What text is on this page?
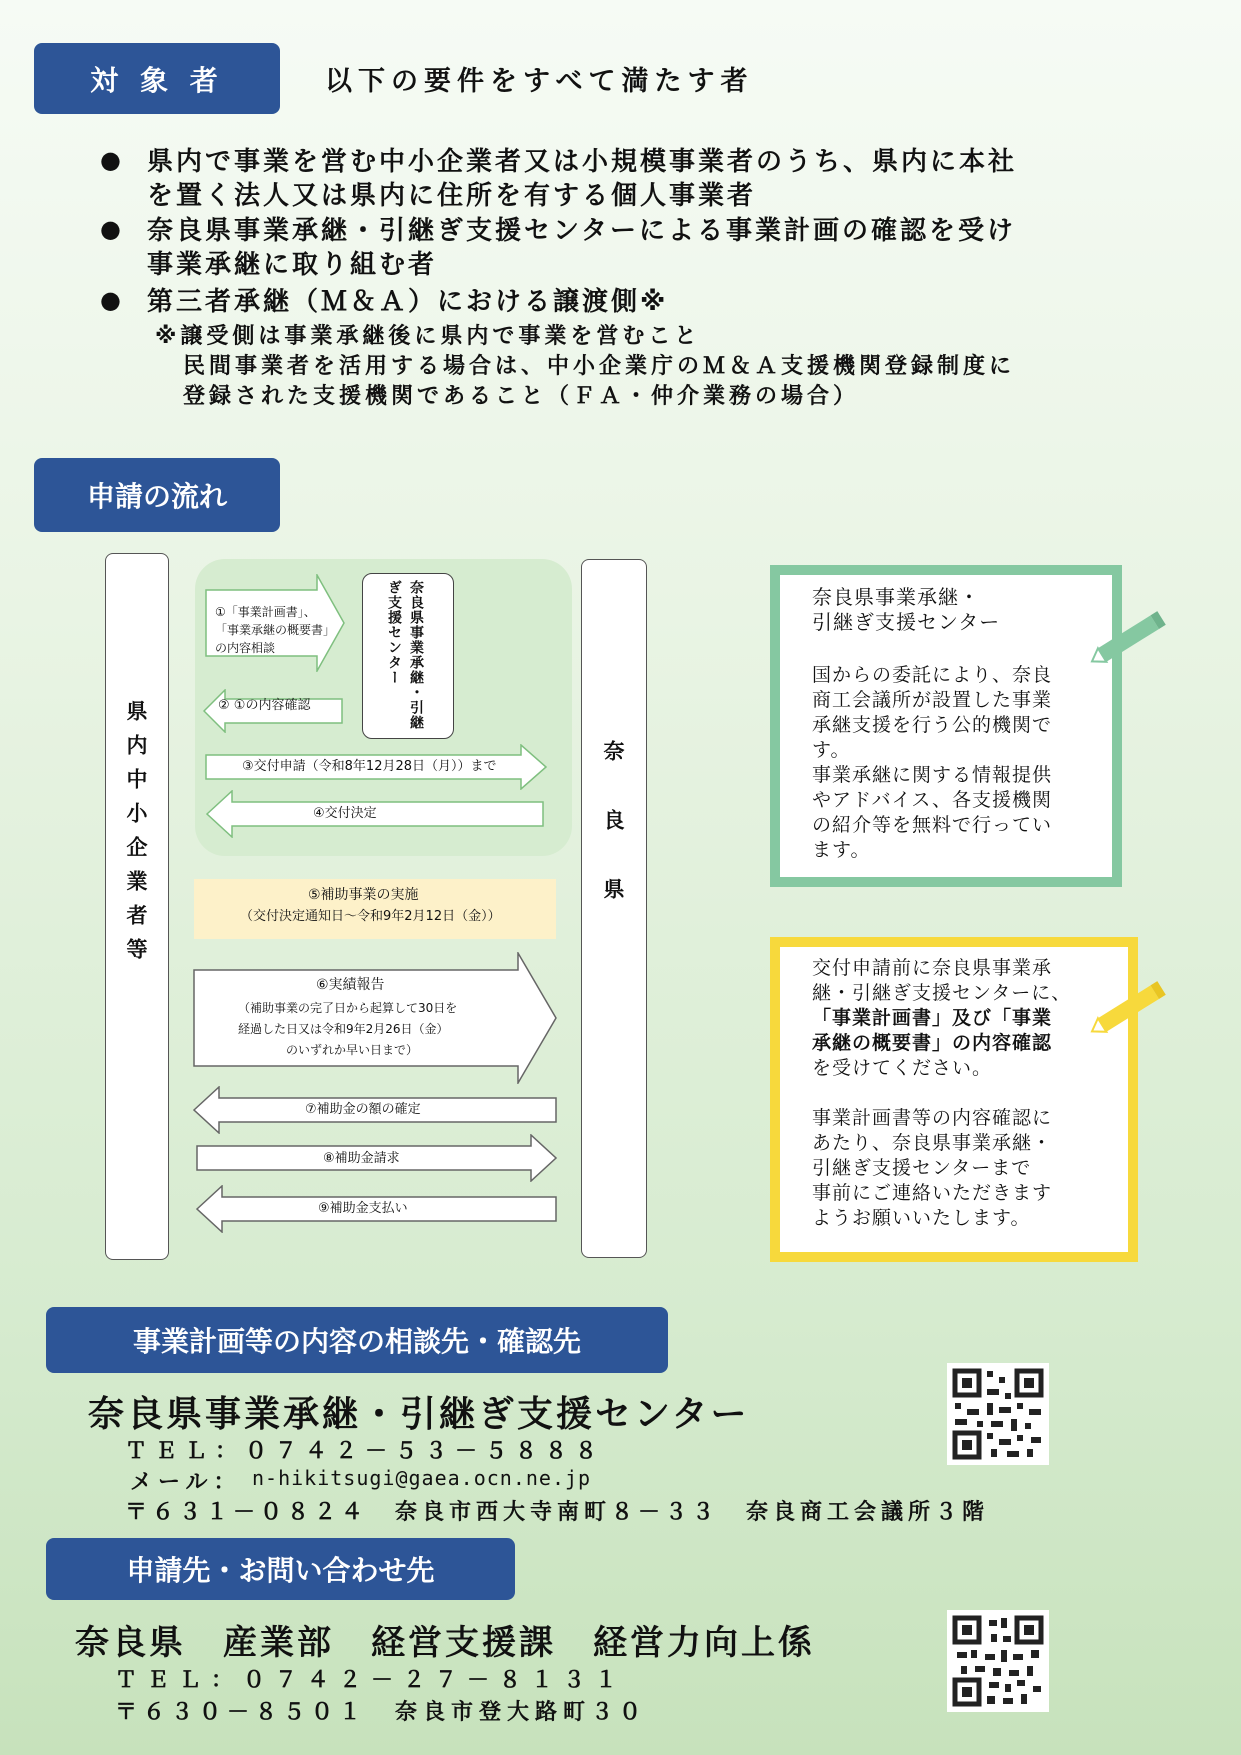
対 象 者	以下の要件をすべて満たす者
● 県内で事業を営む中小企業者又は小規模事業者のうち、県内に本社
を置く法人又は県内に住所を有する個人事業者
● 奈良県事業承継・引継ぎ支援センターによる事業計画の確認を受け
事業承継に取り組む者
● 第三者承継（Ｍ＆Ａ）における譲渡側※
※譲受側は事業承継後に県内で事業を営むこと
民間事業者を活用する場合は、中小企業庁のＭ＆Ａ支援機関登録制度に
登録された支援機関であること（ＦＡ・仲介業務の場合）
申請の流れ
県内中小企業者等	奈良県
奈良県事業承継・引継ぎ支援センター
①「事業計画書」、
「事業承継の概要書」
の内容相談
② ①の内容確認
③交付申請（令和8年12月28日（月））まで
④交付決定
⑤補助事業の実施
（交付決定通知日～令和9年2月12日（金））
⑥実績報告
（補助事業の完了日から起算して30日を
経過した日又は令和9年2月26日（金）
のいずれか早い日まで）
⑦補助金の額の確定
⑧補助金請求
⑨補助金支払い
奈良県事業承継・
引継ぎ支援センター
国からの委託により、奈良
商工会議所が設置した事業
承継支援を行う公的機関で
す。
事業承継に関する情報提供
やアドバイス、各支援機関
の紹介等を無料で行ってい
ます。
交付申請前に奈良県事業承
継・引継ぎ支援センターに、
「事業計画書」及び「事業
承継の概要書」の内容確認
を受けてください。
事業計画書等の内容確認に
あたり、奈良県事業承継・
引継ぎ支援センターまで
事前にご連絡いただきます
ようお願いいたします。
事業計画等の内容の相談先・確認先
奈良県事業承継・引継ぎ支援センター
ＴＥＬ：０７４２－５３－５８８８
メール： n-hikitsugi@gaea.ocn.ne.jp
〒６３１－０８２４　奈良市西大寺南町８－３３　奈良商工会議所３階
申請先・お問い合わせ先
奈良県　産業部　経営支援課　経営力向上係
ＴＥＬ：０７４２－２７－８１３１
〒６３０－８５０１　奈良市登大路町３０
